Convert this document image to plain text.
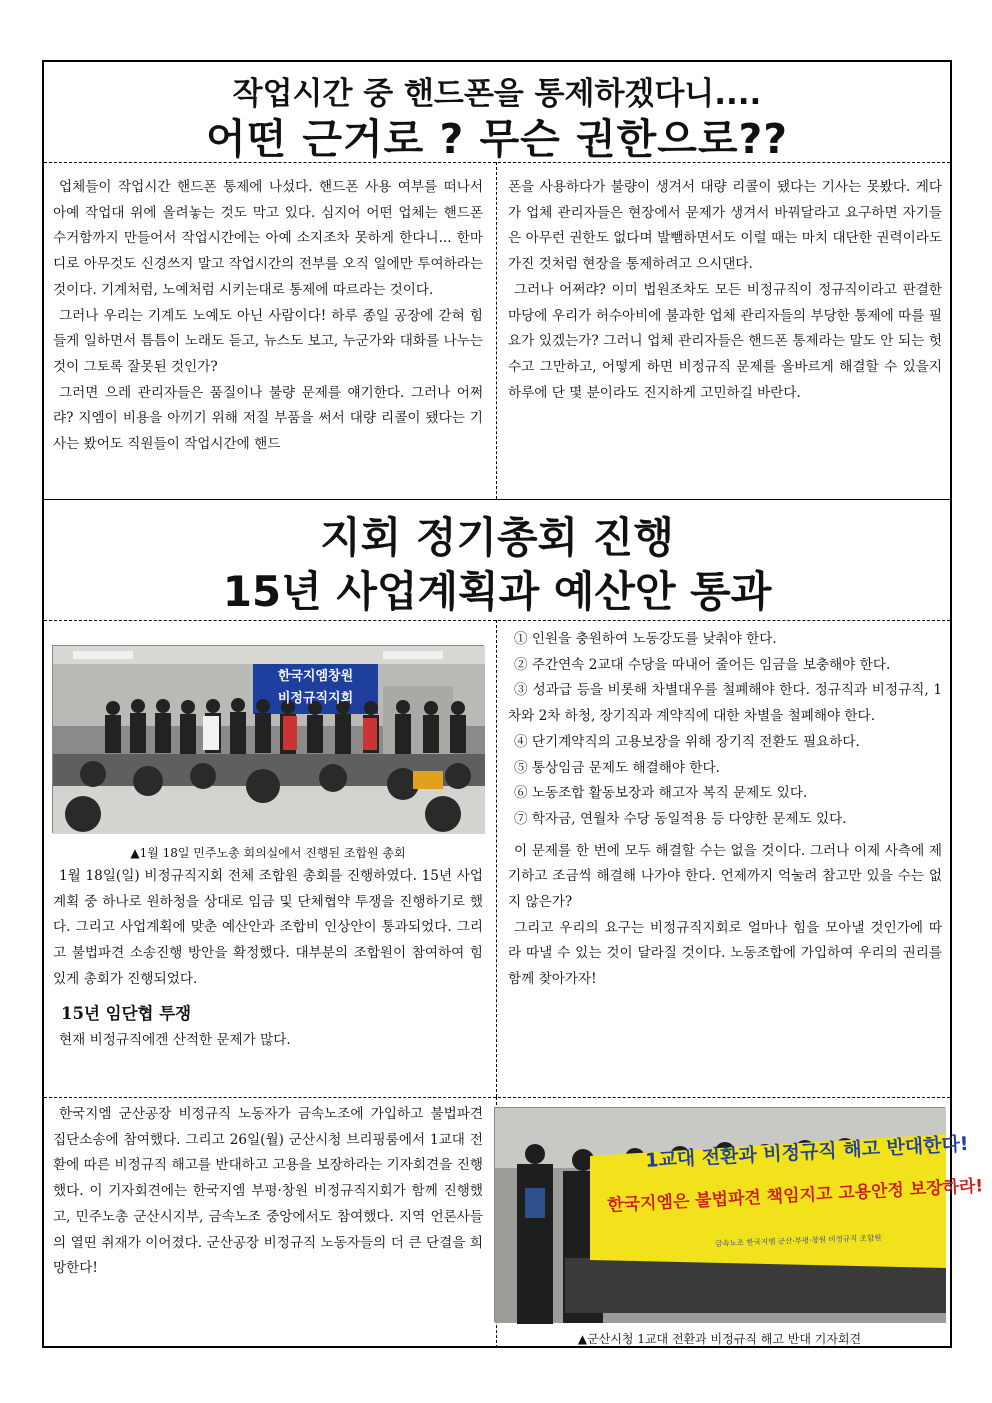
작업시간 중 핸드폰을 통제하겠다니....
어떤 근거로 ? 무슨 권한으로??

업체들이 작업시간 핸드폰 통제에 나섰다. 핸드폰 사용 여부를 떠나서 아예 작업대 위에 올려놓는 것도 막고 있다. 심지어 어떤 업체는 핸드폰 수거함까지 만들어서 작업시간에는 아예 소지조차 못하게 한다니... 한마디로 아무것도 신경쓰지 말고 작업시간의 전부를 오직 일에만 투여하라는 것이다. 기계처럼, 노예처럼 시키는대로 통제에 따르라는 것이다.

그러나 우리는 기계도 노예도 아닌 사람이다! 하루 종일 공장에 갇혀 힘들게 일하면서 틈틈이 노래도 듣고, 뉴스도 보고, 누군가와 대화를 나누는 것이 그토록 잘못된 것인가?

그러면 으레 관리자들은 품질이나 불량 문제를 얘기한다. 그러나 어쩌랴? 지엠이 비용을 아끼기 위해 저질 부품을 써서 대량 리콜이 됐다는 기사는 봤어도 직원들이 작업시간에 핸드

폰을 사용하다가 불량이 생겨서 대량 리콜이 됐다는 기사는 못봤다. 게다가 업체 관리자들은 현장에서 문제가 생겨서 바꿔달라고 요구하면 자기들은 아무런 권한도 없다며 발뺌하면서도 이럴 때는 마치 대단한 권력이라도 가진 것처럼 현장을 통제하려고 으시댄다.

그러나 어쩌랴? 이미 법원조차도 모든 비정규직이 정규직이라고 판결한 마당에 우리가 허수아비에 불과한 업체 관리자들의 부당한 통제에 따를 필요가 있겠는가? 그러니 업체 관리자들은 핸드폰 통제라는 말도 안 되는 헛수고 그만하고, 어떻게 하면 비정규직 문제를 올바르게 해결할 수 있을지 하루에 단 몇 분이라도 진지하게 고민하길 바란다.

지회 정기총회 진행
15년 사업계획과 예산안 통과
한국지엠창원
비정규직지회
▲1월 18일 민주노총 회의실에서 진행된 조합원 총회

1월 18일(일) 비정규직지회 전체 조합원 총회를 진행하였다. 15년 사업계획 중 하나로 원하청을 상대로 임금 및 단체협약 투쟁을 진행하기로 했다. 그리고 사업계획에 맞춘 예산안과 조합비 인상안이 통과되었다. 그리고 불법파견 소송진행 방안을 확정했다. 대부분의 조합원이 참여하여 힘있게 총회가 진행되었다.

15년 임단협 투쟁

현재 비정규직에겐 산적한 문제가 많다.

① 인원을 충원하여 노동강도를 낮춰야 한다.

② 주간연속 2교대 수당을 따내어 줄어든 임금을 보충해야 한다.

③ 성과급 등을 비롯해 차별대우를 철폐해야 한다. 정규직과 비정규직, 1차와 2차 하청, 장기직과 계약직에 대한 차별을 철폐해야 한다.

④ 단기계약직의 고용보장을 위해 장기직 전환도 필요하다.

⑤ 통상임금 문제도 해결해야 한다.

⑥ 노동조합 활동보장과 해고자 복직 문제도 있다.

⑦ 학자금, 연월차 수당 동일적용 등 다양한 문제도 있다.

이 문제를 한 번에 모두 해결할 수는 없을 것이다. 그러나 이제 사측에 제기하고 조금씩 해결해 나가야 한다. 언제까지 억눌려 참고만 있을 수는 없지 않은가?

그리고 우리의 요구는 비정규직지회로 얼마나 힘을 모아낼 것인가에 따라 따낼 수 있는 것이 달라질 것이다. 노동조합에 가입하여 우리의 권리를 함께 찾아가자!

한국지엠 군산공장 비정규직 노동자가 금속노조에 가입하고 불법파견 집단소송에 참여했다. 그리고 26일(월) 군산시청 브리핑룸에서 1교대 전환에 따른 비정규직 해고를 반대하고 고용을 보장하라는 기자회견을 진행했다. 이 기자회견에는 한국지엠 부평·창원 비정규직지회가 함께 진행했고, 민주노총 군산시지부, 금속노조 중앙에서도 참여했다. 지역 언론사들의 열띤 취재가 이어졌다. 군산공장 비정규직 노동자들의 더 큰 단결을 희망한다!

1교대 전환과 비정규직 해고 반대한다!
한국지엠은 불법파견 책임지고 고용안정 보장하라!
금속노조 한국지엠 군산·부평·창원 비정규직 조합원
▲군산시청 1교대 전환과 비정규직 해고 반대 기자회견
